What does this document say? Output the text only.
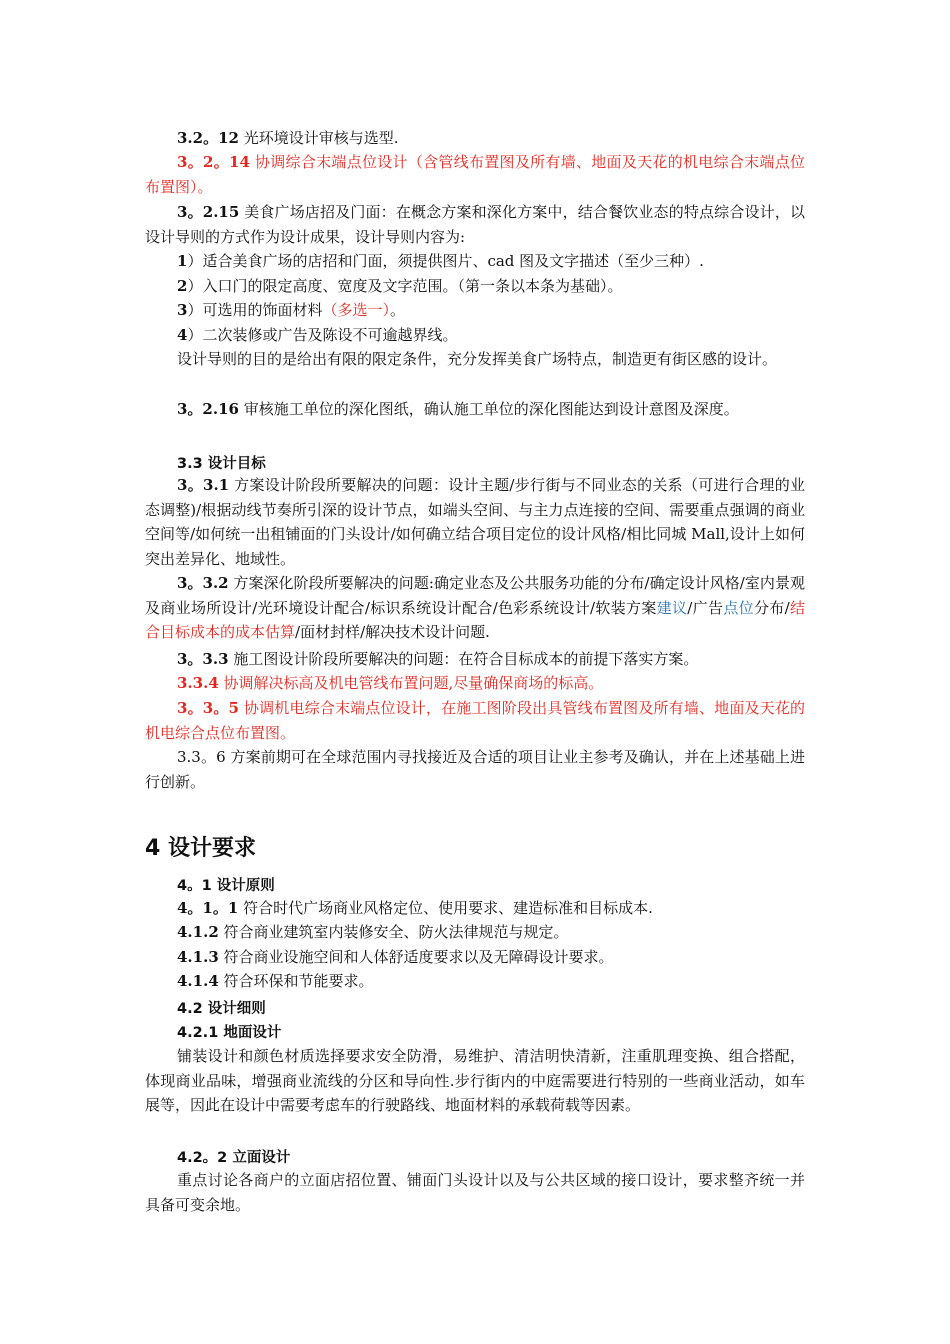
3.2。12 光环境设计审核与选型.

3。2。14 协调综合末端点位设计（含管线布置图及所有墙、地面及天花的机电综合末端点位布置图）。

3。2.15 美食广场店招及门面：在概念方案和深化方案中，结合餐饮业态的特点综合设计，以设计导则的方式作为设计成果，设计导则内容为:

1）适合美食广场的店招和门面，须提供图片、cad 图及文字描述（至少三种）.

2）入口门的限定高度、宽度及文字范围。（第一条以本条为基础）。

3）可选用的饰面材料（多选一）。

4）二次装修或广告及陈设不可逾越界线。

设计导则的目的是给出有限的限定条件，充分发挥美食广场特点，制造更有街区感的设计。

3。2.16 审核施工单位的深化图纸，确认施工单位的深化图能达到设计意图及深度。

3.3 设计目标

3。3.1 方案设计阶段所要解决的问题：设计主题/步行街与不同业态的关系（可进行合理的业态调整)/根据动线节奏所引深的设计节点，如端头空间、与主力点连接的空间、需要重点强调的商业空间等/如何统一出租铺面的门头设计/如何确立结合项目定位的设计风格/相比同城 Mall,设计上如何突出差异化、地域性。

3。3.2 方案深化阶段所要解决的问题:确定业态及公共服务功能的分布/确定设计风格/室内景观及商业场所设计/光环境设计配合/标识系统设计配合/色彩系统设计/软装方案建议/广告点位分布/结合目标成本的成本估算/面材封样/解决技术设计问题.

3。3.3 施工图设计阶段所要解决的问题：在符合目标成本的前提下落实方案。

3.3.4 协调解决标高及机电管线布置问题,尽量确保商场的标高。

3。3。5 协调机电综合末端点位设计，在施工图阶段出具管线布置图及所有墙、地面及天花的机电综合点位布置图。

3.3。6 方案前期可在全球范围内寻找接近及合适的项目让业主参考及确认，并在上述基础上进行创新。

4 设计要求

4。1 设计原则

4。1。1 符合时代广场商业风格定位、使用要求、建造标准和目标成本.

4.1.2 符合商业建筑室内装修安全、防火法律规范与规定。

4.1.3 符合商业设施空间和人体舒适度要求以及无障碍设计要求。

4.1.4 符合环保和节能要求。

4.2 设计细则

4.2.1 地面设计

铺装设计和颜色材质选择要求安全防滑，易维护、清洁明快清新，注重肌理变换、组合搭配，体现商业品味，增强商业流线的分区和导向性.步行街内的中庭需要进行特别的一些商业活动，如车展等，因此在设计中需要考虑车的行驶路线、地面材料的承载荷载等因素。

4.2。2 立面设计

重点讨论各商户的立面店招位置、铺面门头设计以及与公共区域的接口设计，要求整齐统一并具备可变余地。
